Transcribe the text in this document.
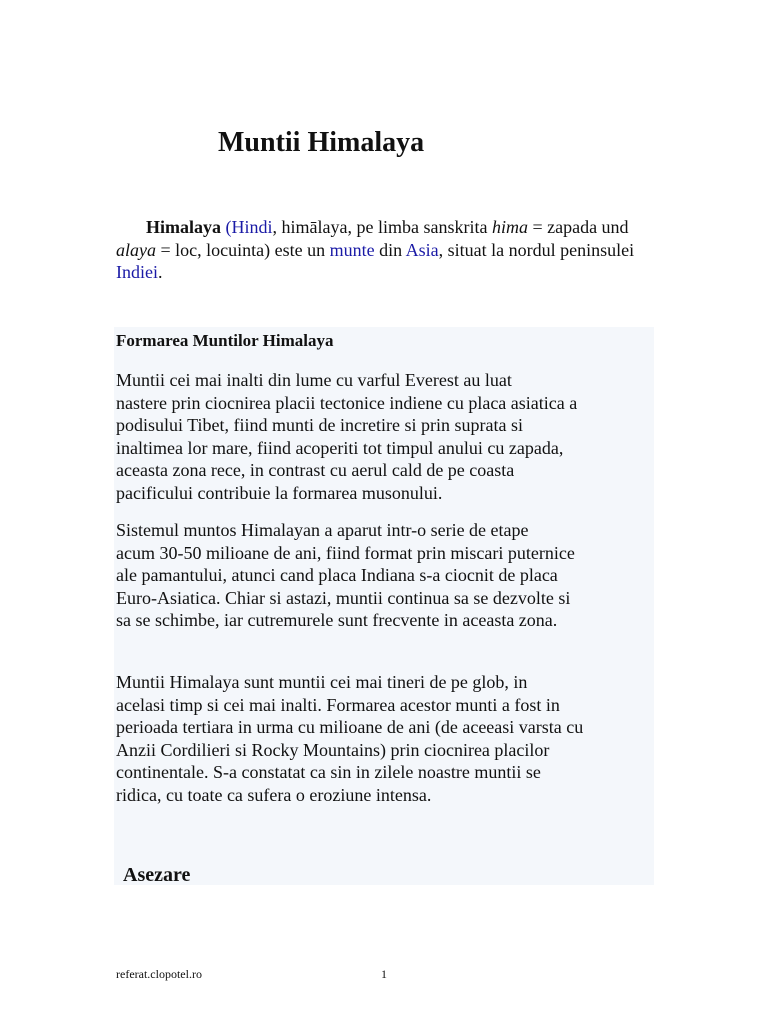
Muntii Himalaya

Himalaya (Hindi, himālaya, pe limba sanskrita hima = zapada und alaya = loc, locuinta) este un munte din Asia, situat la nordul peninsulei Indiei.

Formarea Muntilor Himalaya

Muntii cei mai inalti din lume cu varful Everest au luat
nastere prin ciocnirea placii tectonice indiene cu placa asiatica a
podisului Tibet, fiind munti de incretire si prin suprata si
inaltimea lor mare, fiind acoperiti tot timpul anului cu zapada,
aceasta zona rece, in contrast cu aerul cald de pe coasta
pacificului contribuie la formarea musonului.

Sistemul muntos Himalayan a aparut intr-o serie de etape
acum 30-50 milioane de ani, fiind format prin miscari puternice
ale pamantului, atunci cand placa Indiana s-a ciocnit de placa
Euro-Asiatica. Chiar si astazi, muntii continua sa se dezvolte si
sa se schimbe, iar cutremurele sunt frecvente in aceasta zona.

Muntii Himalaya sunt muntii cei mai tineri de pe glob, in
acelasi timp si cei mai inalti. Formarea acestor munti a fost in
perioada tertiara in urma cu milioane de ani (de aceeasi varsta cu
Anzii Cordilieri si Rocky Mountains) prin ciocnirea placilor
continentale. S-a constatat ca sin in zilele noastre muntii se
ridica, cu toate ca sufera o eroziune intensa.

Asezare
referat.clopotel.ro	1
